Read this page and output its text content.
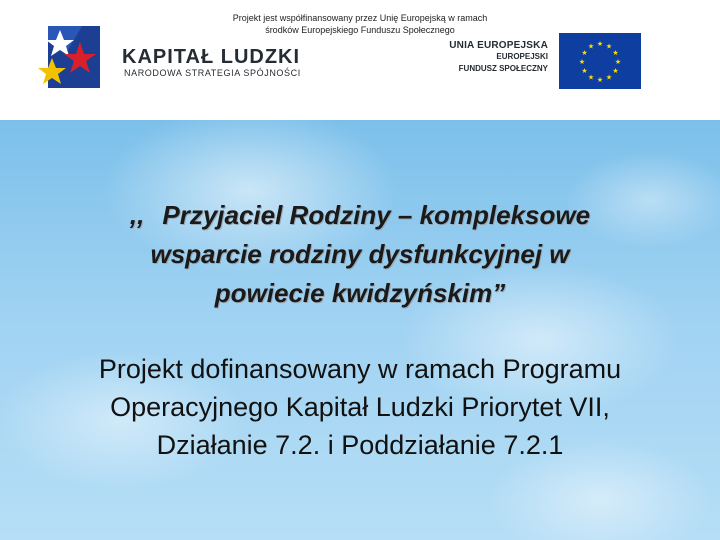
Projekt jest współfinansowany przez Unię Europejską w ramach
środków Europejskiego Funduszu Społecznego
KAPITAŁ LUDZKI
NARODOWA STRATEGIA SPÓJNOŚCI
UNIA EUROPEJSKA
EUROPEJSKI
FUNDUSZ SPOŁECZNY
★ ★
★
★
★
★
★
★
★
★
★
★
,, Przyjaciel Rodziny – kompleksowe
wsparcie rodziny dysfunkcyjnej w
powiecie kwidzyńskim”
Projekt dofinansowany w ramach Programu
Operacyjnego Kapitał Ludzki Priorytet VII,
Działanie 7.2. i Poddziałanie 7.2.1
